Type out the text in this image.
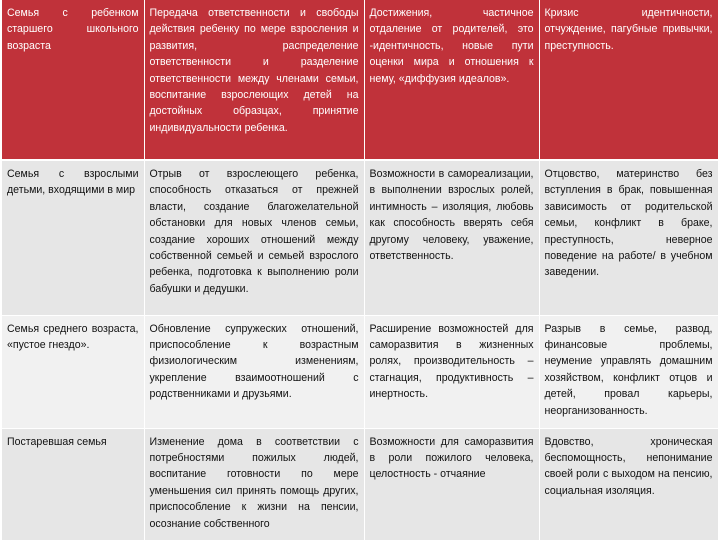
Семья с ребенком старшего школьного возраста	Передача ответственности и свободы действия ребенку по мере взросления и развития, распределение ответственности и разделение ответственности между членами семьи, воспитание взрослеющих детей на достойных образцах, принятие индивидуальности ребенка.	Достижения, частичное отдаление от родителей, это -идентичность, новые пути оценки мира и отношения к нему, «диффузия идеалов».	Кризис идентичности, отчуждение, пагубные привычки, преступность.
Семья с взрослыми детьми, входящими в мир	Отрыв от взрослеющего ребенка, способность отказаться от прежней власти, создание благожелательной обстановки для новых членов семьи, создание хороших отношений между собственной семьей и семьей взрослого ребенка, подготовка к выполнению роли бабушки и дедушки.	Возможности в самореализации, в выполнении взрослых ролей, интимность – изоляция, любовь как способность вверять себя другому человеку, уважение, ответственность.	Отцовство, материнство без вступления в брак, повышенная зависимость от родительской семьи, конфликт в браке, преступность, неверное поведение на работе/ в учебном заведении.
Семья среднего возраста, «пустое гнездо».	Обновление супружеских отношений, приспособление к возрастным физиологическим изменениям, укрепление взаимоотношений с родственниками и друзьями.	Расширение возможностей для саморазвития в жизненных ролях, производительность – стагнация, продуктивность – инертность.	Разрыв в семье, развод, финансовые проблемы, неумение управлять домашним хозяйством, конфликт отцов и детей, провал карьеры, неорганизованность.
Постаревшая семья	Изменение дома в соответствии с потребностями пожилых людей, воспитание готовности по мере уменьшения сил принять помощь других, приспособление к жизни на пенсии, осознание собственного	Возможности для саморазвития в роли пожилого человека, целостность - отчаяние	Вдовство, хроническая беспомощность, непонимание своей роли с выходом на пенсию, социальная изоляция.
